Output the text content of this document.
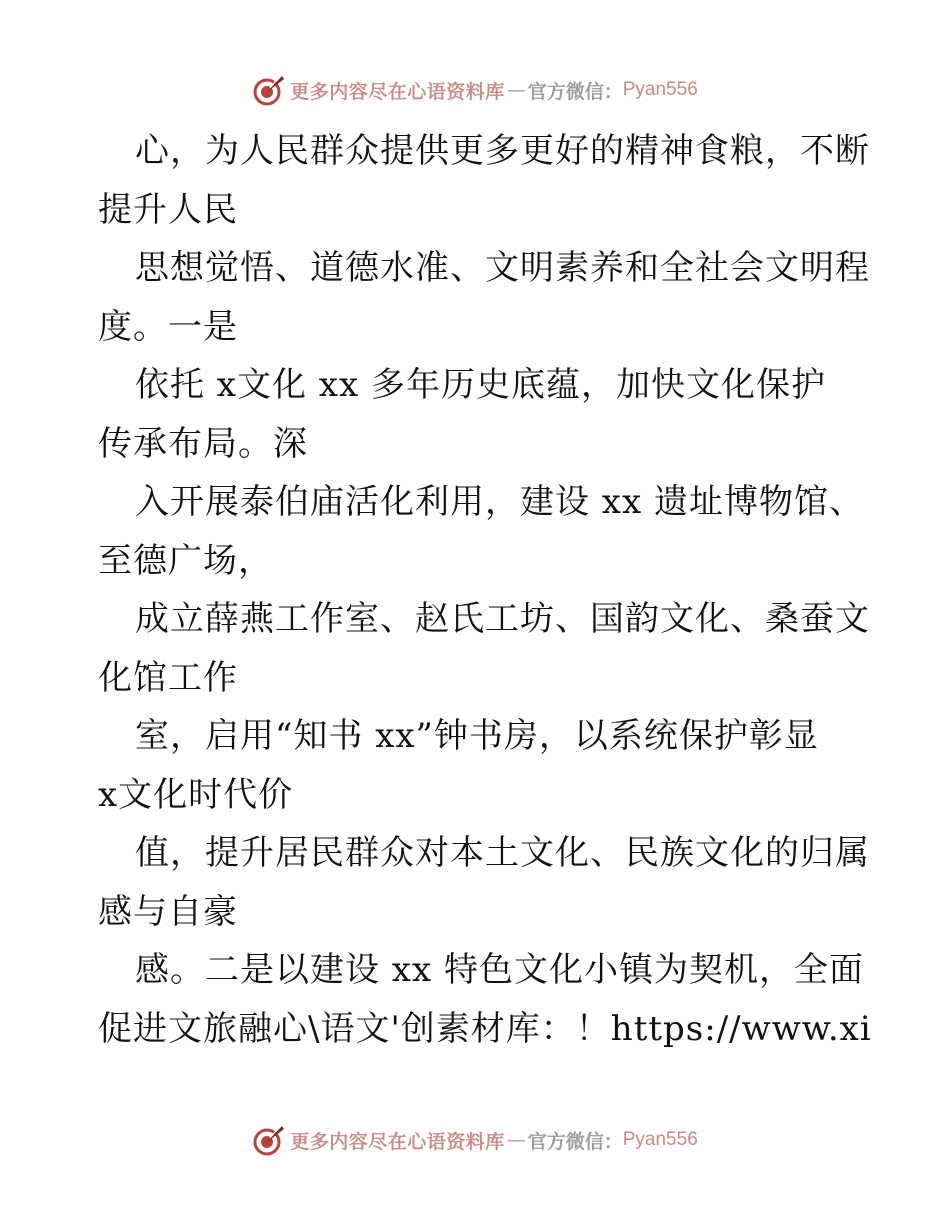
更多内容尽在心语资料库 — 官方微信： Pyan556
心，为人民群众提供更多更好的精神食粮，不断
提升人民
思想觉悟、道德水准、文明素养和全社会文明程
度。一是
依托 x文化 xx 多年历史底蕴，加快文化保护
传承布局。深
入开展泰伯庙活化利用，建设 xx 遗址博物馆、
至德广场，
成立薛燕工作室、赵氏工坊、国韵文化、桑蚕文
化馆工作
室，启用“知书 xx”钟书房，以系统保护彰显
x文化时代价
值，提升居民群众对本土文化、民族文化的归属
感与自豪
感。二是以建设 xx 特色文化小镇为契机，全面
促进文旅融心\语文'创素材库：！https://www.xi
更多内容尽在心语资料库 — 官方微信： Pyan556
